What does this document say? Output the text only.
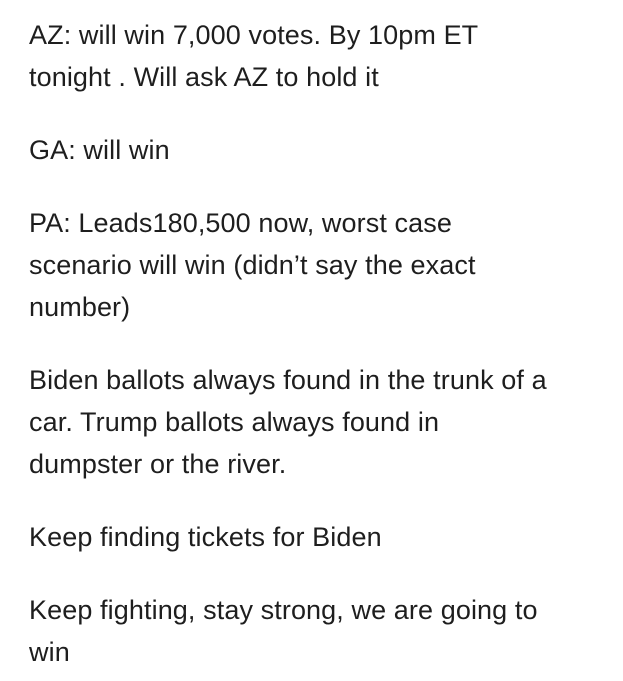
AZ: will win 7,000 votes. By 10pm ET
tonight . Will ask AZ to hold it

GA: will win

PA: Leads180,500 now, worst case
scenario will win (didn’t say the exact
number)

Biden ballots always found in the trunk of a
car. Trump ballots always found in
dumpster or the river.

Keep finding tickets for Biden

Keep fighting, stay strong, we are going to
win
